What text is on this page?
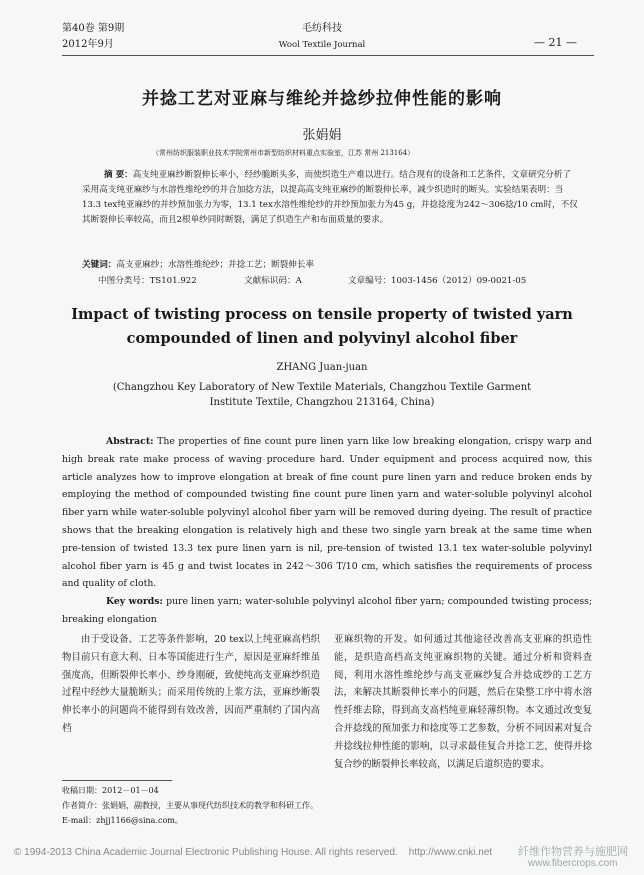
第40卷 第9期
2012年9月
毛纺科技
Wool Textile Journal	— 21 —
并捻工艺对亚麻与维纶并捻纱拉伸性能的影响
张娟娟
（常州纺织服装职业技术学院常州市新型纺织材料重点实验室，江苏 常州 213164）
摘 要：高支纯亚麻纱断裂伸长率小，经纱脆断头多，而使织造生产难以进行。结合现有的设备和工艺条件，文章研究分析了采用高支纯亚麻纱与水溶性维纶纱的并合加捻方法，以提高高支纯亚麻纱的断裂伸长率，减少织造时的断头。实验结果表明：当13.3 tex纯亚麻纱的并纱预加张力为零，13.1 tex水溶性维纶纱的并纱预加张力为45 g，并捻捻度为242～306捻/10 cm时，不仅其断裂伸长率较高，而且2根单纱同时断裂，满足了织造生产和布面质量的要求。
关键词：高支亚麻纱；水溶性维纶纱；并捻工艺；断裂伸长率
中图分类号：TS101.922	文献标识码：A	文章编号：1003-1456（2012）09-0021-05
Impact of twisting process on tensile property of twisted yarn compounded of linen and polyvinyl alcohol fiber
ZHANG Juan-juan
(Changzhou Key Laboratory of New Textile Materials, Changzhou Textile Garment
Institute Textile, Changzhou 213164, China)
Abstract: The properties of fine count pure linen yarn like low breaking elongation, crispy warp and high break rate make process of waving procedure hard. Under equipment and process acquired now, this article analyzes how to improve elongation at break of fine count pure linen yarn and reduce broken ends by employing the method of compounded twisting fine count pure linen yarn and water-soluble polyvinyl alcohol fiber yarn while water-soluble polyvinyl alcohol fiber yarn will be removed during dyeing. The result of practice shows that the breaking elongation is relatively high and these two single yarn break at the same time when pre-tension of twisted 13.3 tex pure linen yarn is nil, pre-tension of twisted 13.1 tex water-soluble polyvinyl alcohol fiber yarn is 45 g and twist locates in 242～306 T/10 cm, which satisfies the requirements of process and quality of cloth.
Key words: pure linen yarn; water-soluble polyvinyl alcohol fiber yarn; compounded twisting process; breaking elongation
由于受设备、工艺等条件影响，20 tex以上纯亚麻高档织物目前只有意大利、日本等国能进行生产，原因是亚麻纤维虽强度高，但断裂伸长率小、纱身刚硬，致使纯高支亚麻纱织造过程中经纱大量脆断头；而采用传统的上浆方法，亚麻纱断裂伸长率小的问题尚不能得到有效改善，因而严重制约了国内高档
亚麻织物的开发。如何通过其他途径改善高支亚麻的织造性能，是织造高档高支纯亚麻织物的关键。通过分析和资料查阅，利用水溶性维纶纱与高支亚麻纱复合并捻成纱的工艺方法，来解决其断裂伸长率小的问题，然后在染整工序中将水溶性纤维去除，得到高支高档纯亚麻轻薄织物。本文通过改变复合并捻线的预加张力和捻度等工艺参数，分析不同因素对复合并捻线拉伸性能的影响，以寻求最佳复合并捻工艺，使得并捻复合纱的断裂伸长率较高，以满足后道织造的要求。
收稿日期：2012－01－04
作者简介：张娟娟，副教授，主要从事现代纺织技术的教学和科研工作。E-mail：zhjj1166@sina.com。
© 1994-2013 China Academic Journal Electronic Publishing House. All rights reserved.    http://www.cnki.net 纤维作物营养与施肥网
www.fibercrops.com
